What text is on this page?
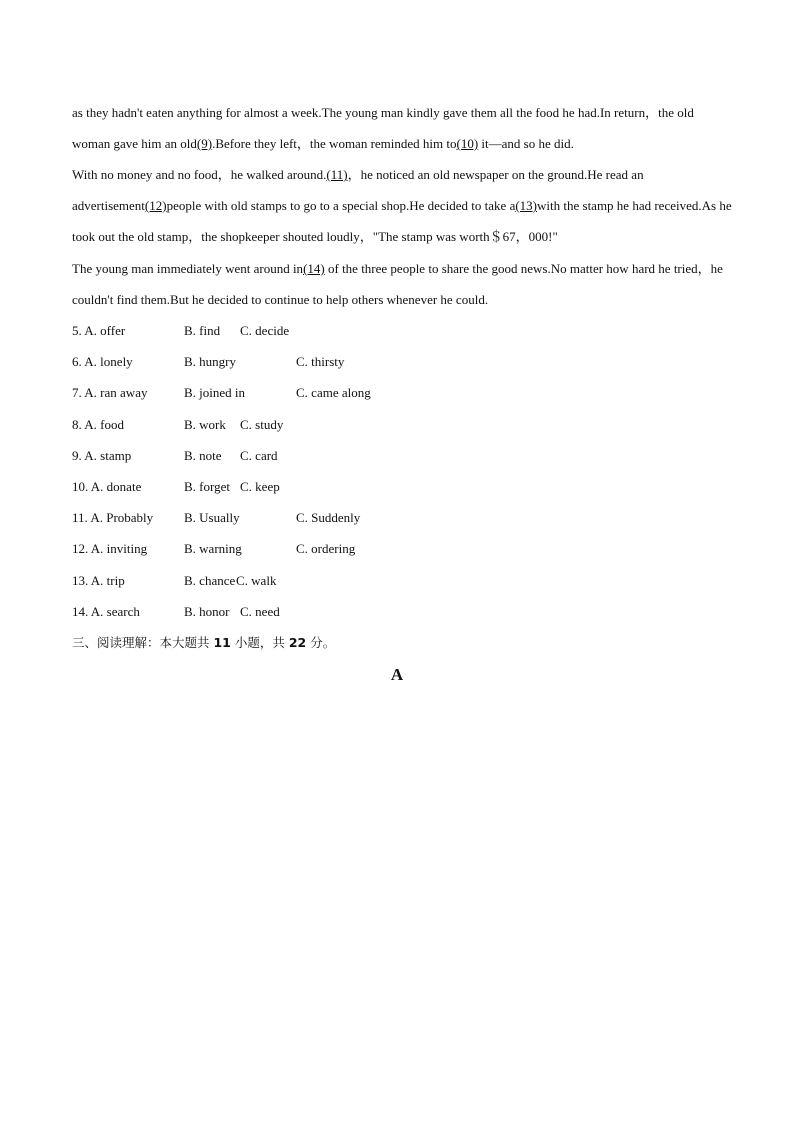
as they hadn't eaten anything for almost a week.The young man kindly gave them all the food he had.In return，the old woman gave him an old(9).Before they left，the woman reminded him to(10) it—and so he did.

With no money and no food，he walked around.(11)，he noticed an old newspaper on the ground.He read an advertisement(12)people with old stamps to go to a special shop.He decided to take a(13)with the stamp he had received.As he took out the old stamp，the shopkeeper shouted loudly，"The stamp was worth＄67，000!"

The young man immediately went around in(14) of the three people to share the good news.No matter how hard he tried，he couldn't find them.But he decided to continue to help others whenever he could.

5. A. offer	B. find C. decide
6. A. lonely	B. hungry	C. thirsty
7. A. ran away	B. joined in	C. came along
8. A. food	B. work C. study
9. A. stamp	B. note C. card
10. A. donate	B. forget C. keep
11. A. Probably B. Usually	C. Suddenly
12. A. inviting	B. warning	C. ordering
13. A. trip	B. chance C. walk
14. A. search	B. honor C. need

三、阅读理解：本大题共 11 小题，共 22 分。

A
